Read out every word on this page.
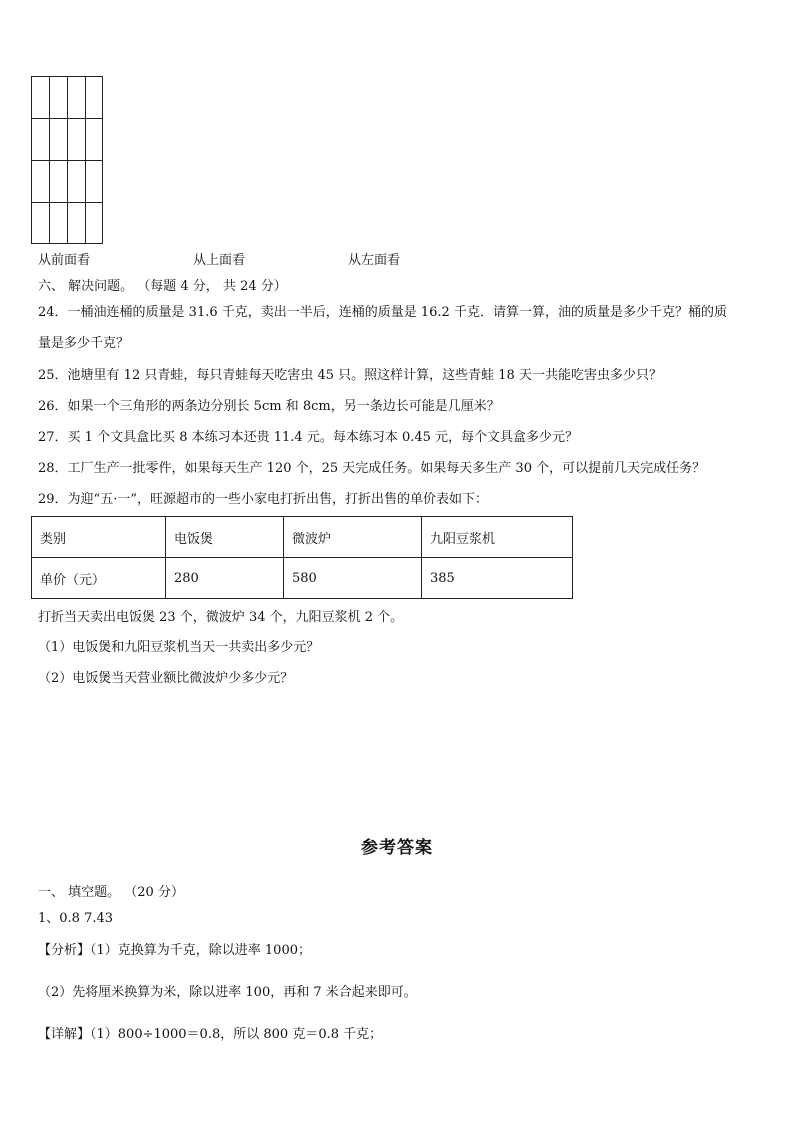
从前面看	从上面看	从左面看
六、 解决问题。 （每题 4 分， 共 24 分）
24．一桶油连桶的质量是 31.6 千克，卖出一半后，连桶的质量是 16.2 千克．请算一算，油的质量是多少千克？桶的质
量是多少千克？
25．池塘里有 12 只青蛙，每只青蛙每天吃害虫 45 只。照这样计算，这些青蛙 18 天一共能吃害虫多少只？
26．如果一个三角形的两条边分别长 5cm 和 8cm，另一条边长可能是几厘米？
27．买 1 个文具盒比买 8 本练习本还贵 11.4 元。每本练习本 0.45 元，每个文具盒多少元？
28．工厂生产一批零件，如果每天生产 120 个，25 天完成任务。如果每天多生产 30 个，可以提前几天完成任务？
29．为迎“五·一”，旺源超市的一些小家电打折出售，打折出售的单价表如下：
类别	电饭煲	微波炉	九阳豆浆机
单价（元）	280	580	385
打折当天卖出电饭煲 23 个，微波炉 34 个，九阳豆浆机 2 个。
（1）电饭煲和九阳豆浆机当天一共卖出多少元？
（2）电饭煲当天营业额比微波炉少多少元？
参考答案
一、 填空题。 （20 分）
1、0.8 7.43
【分析】（1）克换算为千克，除以进率 1000；
（2）先将厘米换算为米，除以进率 100，再和 7 米合起来即可。
【详解】（1）800÷1000＝0.8，所以 800 克＝0.8 千克；
